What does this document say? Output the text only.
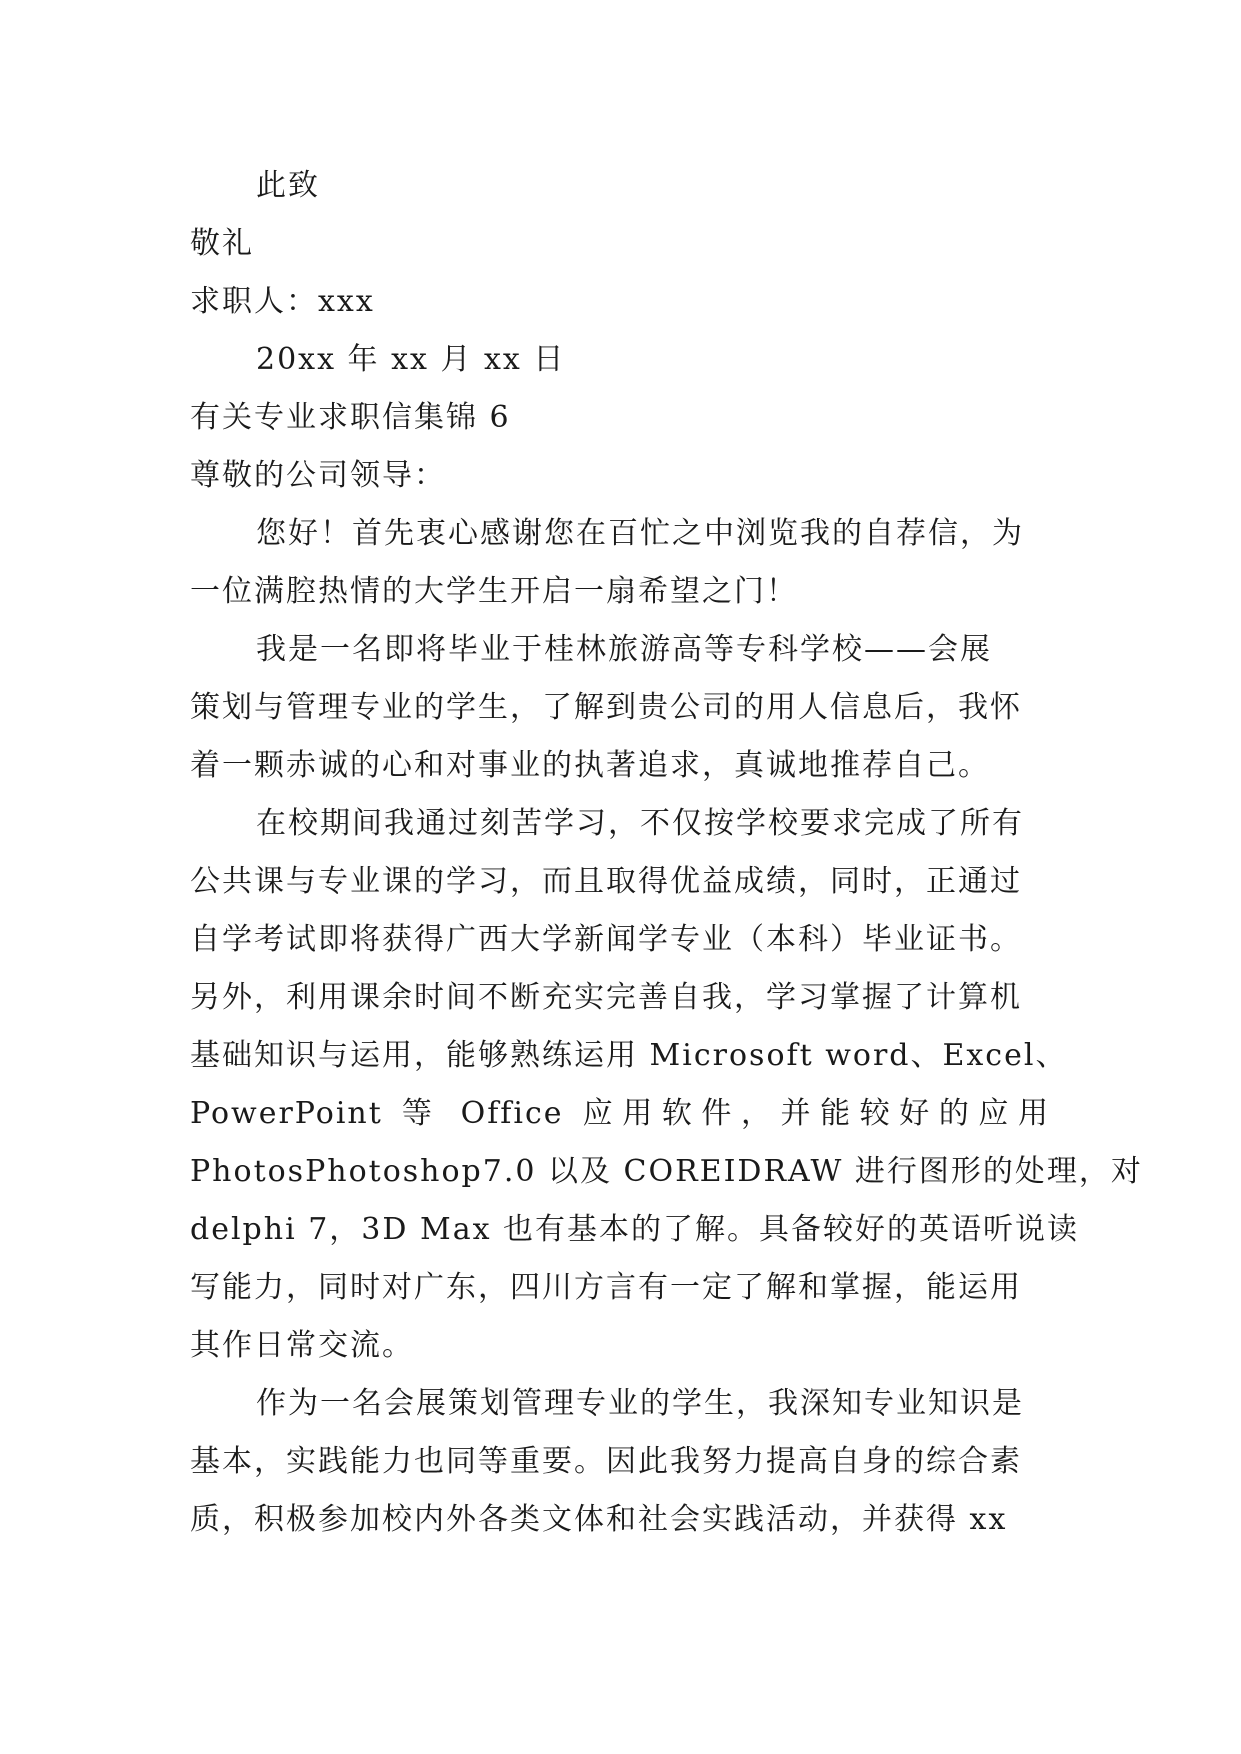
此致
敬礼
求职人：xxx
20xx 年 xx 月 xx 日
有关专业求职信集锦 6
尊敬的公司领导：
您好！首先衷心感谢您在百忙之中浏览我的自荐信，为
一位满腔热情的大学生开启一扇希望之门！
我是一名即将毕业于桂林旅游高等专科学校——会展
策划与管理专业的学生，了解到贵公司的用人信息后，我怀
着一颗赤诚的心和对事业的执著追求，真诚地推荐自己。
在校期间我通过刻苦学习，不仅按学校要求完成了所有
公共课与专业课的学习，而且取得优益成绩，同时，正通过
自学考试即将获得广西大学新闻学专业（本科）毕业证书。
另外，利用课余时间不断充实完善自我，学习掌握了计算机
基础知识与运用，能够熟练运用 Microsoft word、Excel、
PowerPoint 等 Office 应用软件，并能较好的应用
PhotosPhotoshop7.0 以及 COREIDRAW 进行图形的处理，对
delphi 7，3D Max 也有基本的了解。具备较好的英语听说读
写能力，同时对广东，四川方言有一定了解和掌握，能运用
其作日常交流。
作为一名会展策划管理专业的学生，我深知专业知识是
基本，实践能力也同等重要。因此我努力提高自身的综合素
质，积极参加校内外各类文体和社会实践活动，并获得 xx
